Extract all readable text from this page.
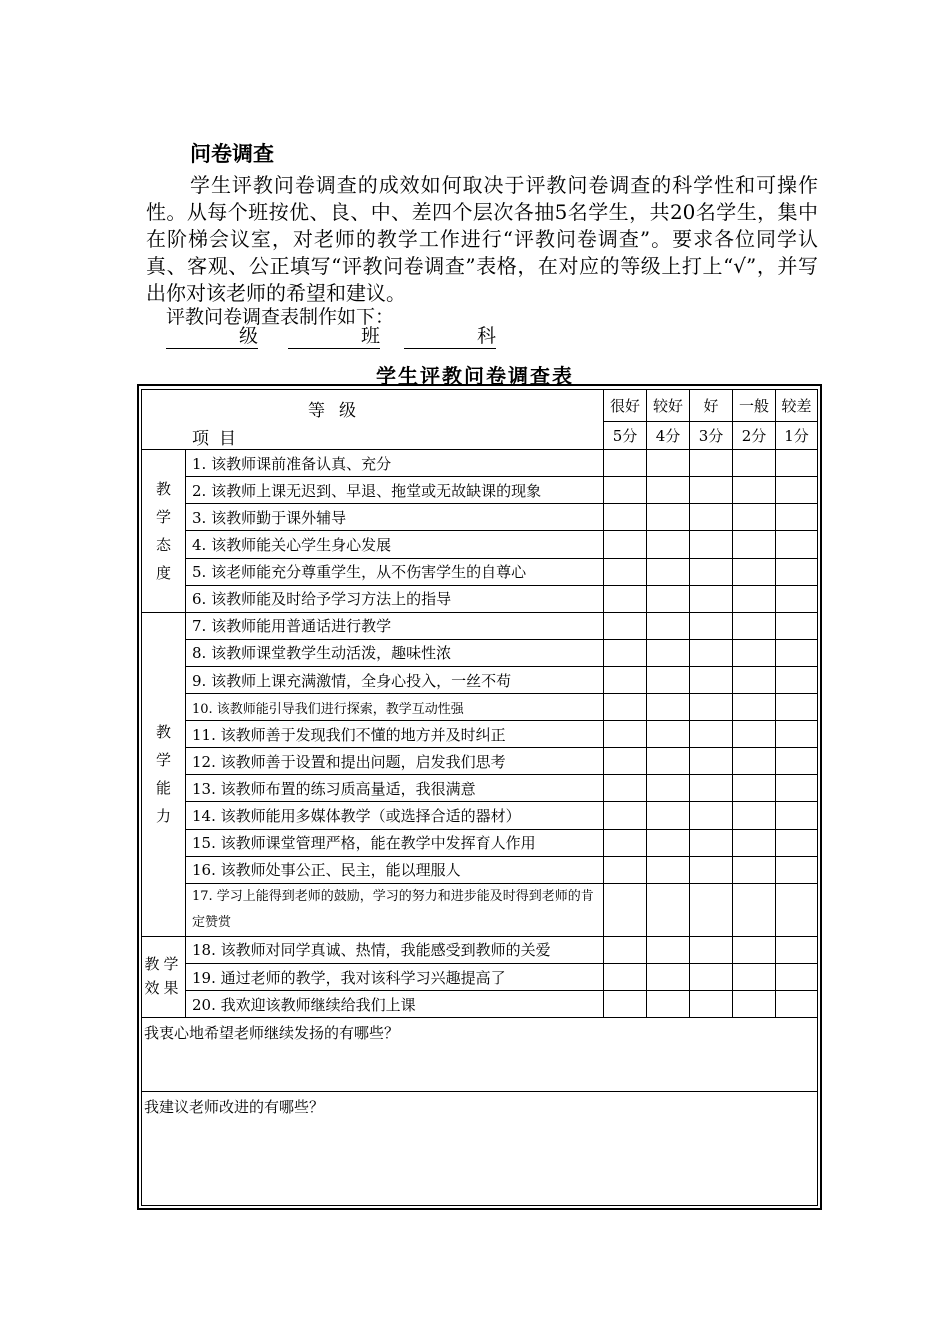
问卷调查

学生评教问卷调查的成效如何取决于评教问卷调查的科学性和可操作性。从每个班按优、良、中、差四个层次各抽5名学生，共20名学生，集中在阶梯会议室，对老师的教学工作进行“评教问卷调查”。要求各位同学认真、客观、公正填写“评教问卷调查”表格，在对应的等级上打上“√”，并写出你对该老师的希望和建议。

评教问卷调查表制作如下：

级	班	科
学生评教问卷调查表
等级
项目		很好	较好	好	一般	较差
		5分	4分	3分	2分	1分
教学态度	1. 该教师课前准备认真、充分					
	2. 该教师上课无迟到、早退、拖堂或无故缺课的现象					
	3. 该教师勤于课外辅导					
	4. 该教师能关心学生身心发展					
	5. 该老师能充分尊重学生，从不伤害学生的自尊心					
	6. 该教师能及时给予学习方法上的指导					
教学能力	7. 该教师能用普通话进行教学					
	8. 该教师课堂教学生动活泼，趣味性浓					
	9. 该教师上课充满激情，全身心投入，一丝不苟					
	10. 该教师能引导我们进行探索，教学互动性强					
	11. 该教师善于发现我们不懂的地方并及时纠正					
	12. 该教师善于设置和提出问题，启发我们思考					
	13. 该教师布置的练习质高量适，我很满意					
	14. 该教师能用多媒体教学（或选择合适的器材）					
	15. 该教师课堂管理严格，能在教学中发挥育人作用					
	16. 该教师处事公正、民主，能以理服人					
	17. 学习上能得到老师的鼓励，学习的努力和进步能及时得到老师的肯定赞赏					
教学效果	18. 该教师对同学真诚、热情，我能感受到教师的关爱					
	19. 通过老师的教学，我对该科学习兴趣提高了					
	20. 我欢迎该教师继续给我们上课					
我衷心地希望老师继续发扬的有哪些？						
我建议老师改进的有哪些？						
